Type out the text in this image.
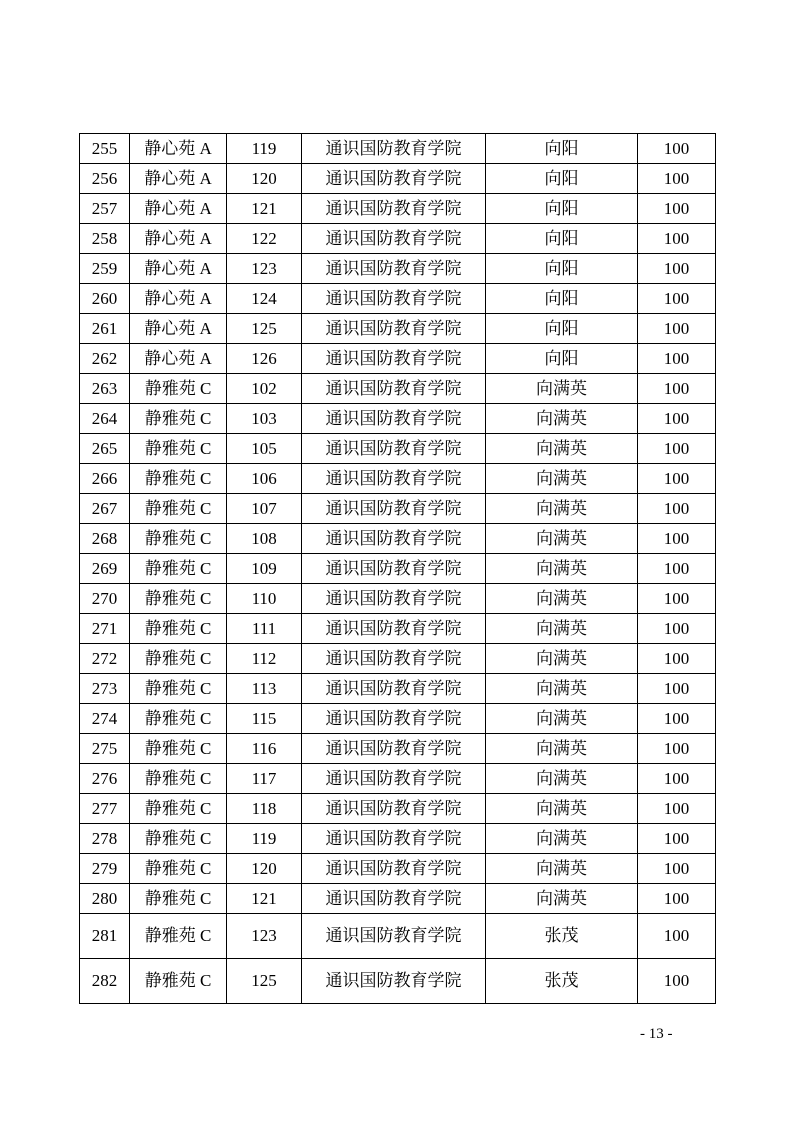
255	静心苑 A	119	通识国防教育学院	向阳	100
256	静心苑 A	120	通识国防教育学院	向阳	100
257	静心苑 A	121	通识国防教育学院	向阳	100
258	静心苑 A	122	通识国防教育学院	向阳	100
259	静心苑 A	123	通识国防教育学院	向阳	100
260	静心苑 A	124	通识国防教育学院	向阳	100
261	静心苑 A	125	通识国防教育学院	向阳	100
262	静心苑 A	126	通识国防教育学院	向阳	100
263	静雅苑 C	102	通识国防教育学院	向满英	100
264	静雅苑 C	103	通识国防教育学院	向满英	100
265	静雅苑 C	105	通识国防教育学院	向满英	100
266	静雅苑 C	106	通识国防教育学院	向满英	100
267	静雅苑 C	107	通识国防教育学院	向满英	100
268	静雅苑 C	108	通识国防教育学院	向满英	100
269	静雅苑 C	109	通识国防教育学院	向满英	100
270	静雅苑 C	110	通识国防教育学院	向满英	100
271	静雅苑 C	111	通识国防教育学院	向满英	100
272	静雅苑 C	112	通识国防教育学院	向满英	100
273	静雅苑 C	113	通识国防教育学院	向满英	100
274	静雅苑 C	115	通识国防教育学院	向满英	100
275	静雅苑 C	116	通识国防教育学院	向满英	100
276	静雅苑 C	117	通识国防教育学院	向满英	100
277	静雅苑 C	118	通识国防教育学院	向满英	100
278	静雅苑 C	119	通识国防教育学院	向满英	100
279	静雅苑 C	120	通识国防教育学院	向满英	100
280	静雅苑 C	121	通识国防教育学院	向满英	100
281	静雅苑 C	123	通识国防教育学院	张茂	100
282	静雅苑 C	125	通识国防教育学院	张茂	100
- 13 -
